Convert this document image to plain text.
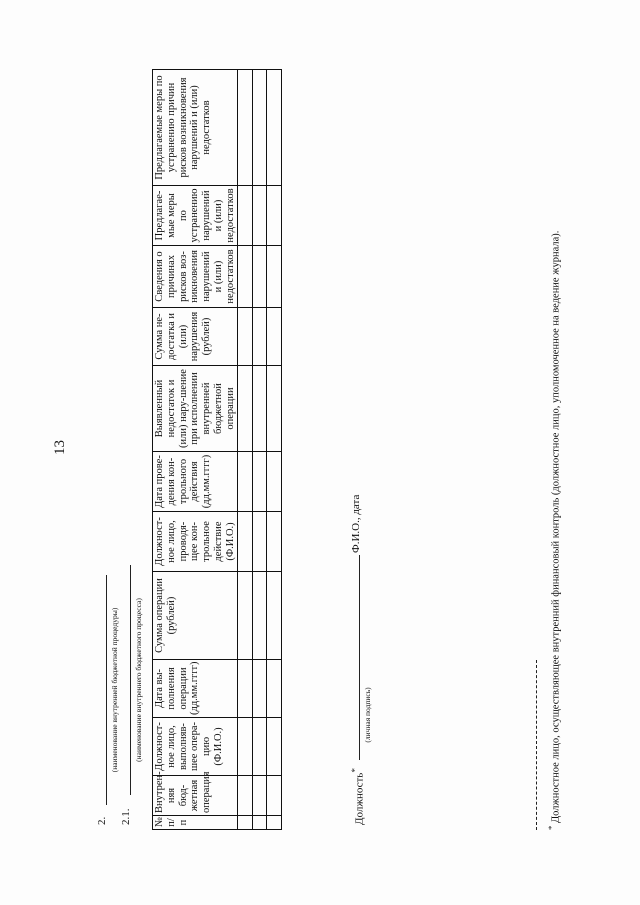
13
2.
(наименование внутренней бюджетной процедуры)
2.1.
(наименование внутреннего бюджетного процесса)
№ п/п	Внутрен-няя бюд-жетная операция	Должност-ное лицо, выполняв-шее опера-цию (Ф.И.О.)	Дата вы-полнения операции (дд.мм.гггг)	Сумма операции (рублей)	Должност-ное лицо, проводя-щее кон-трольное действие (Ф.И.О.)	Дата прове-дения кон-трольного действия (дд.мм.гггг)	Выявленный недостаток и (или) нару-шение при исполнении внутренней бюджетной операции	Сумма не-достатка и (или) нарушения (рублей)	Сведения о причинах рисков воз-никновения нарушений и (или) недостатков	Предлагае-мые меры по устранению нарушений и (или) недостатков	Предлагаемые меры по устранению причин рисков возникновения нарушений и (или) недостатков

Должность*
(личная подпись)
Ф.И.О., дата
* Должностное лицо, осуществляющее внутренний финансовый контроль (должностное лицо, уполномоченное на ведение журнала).
